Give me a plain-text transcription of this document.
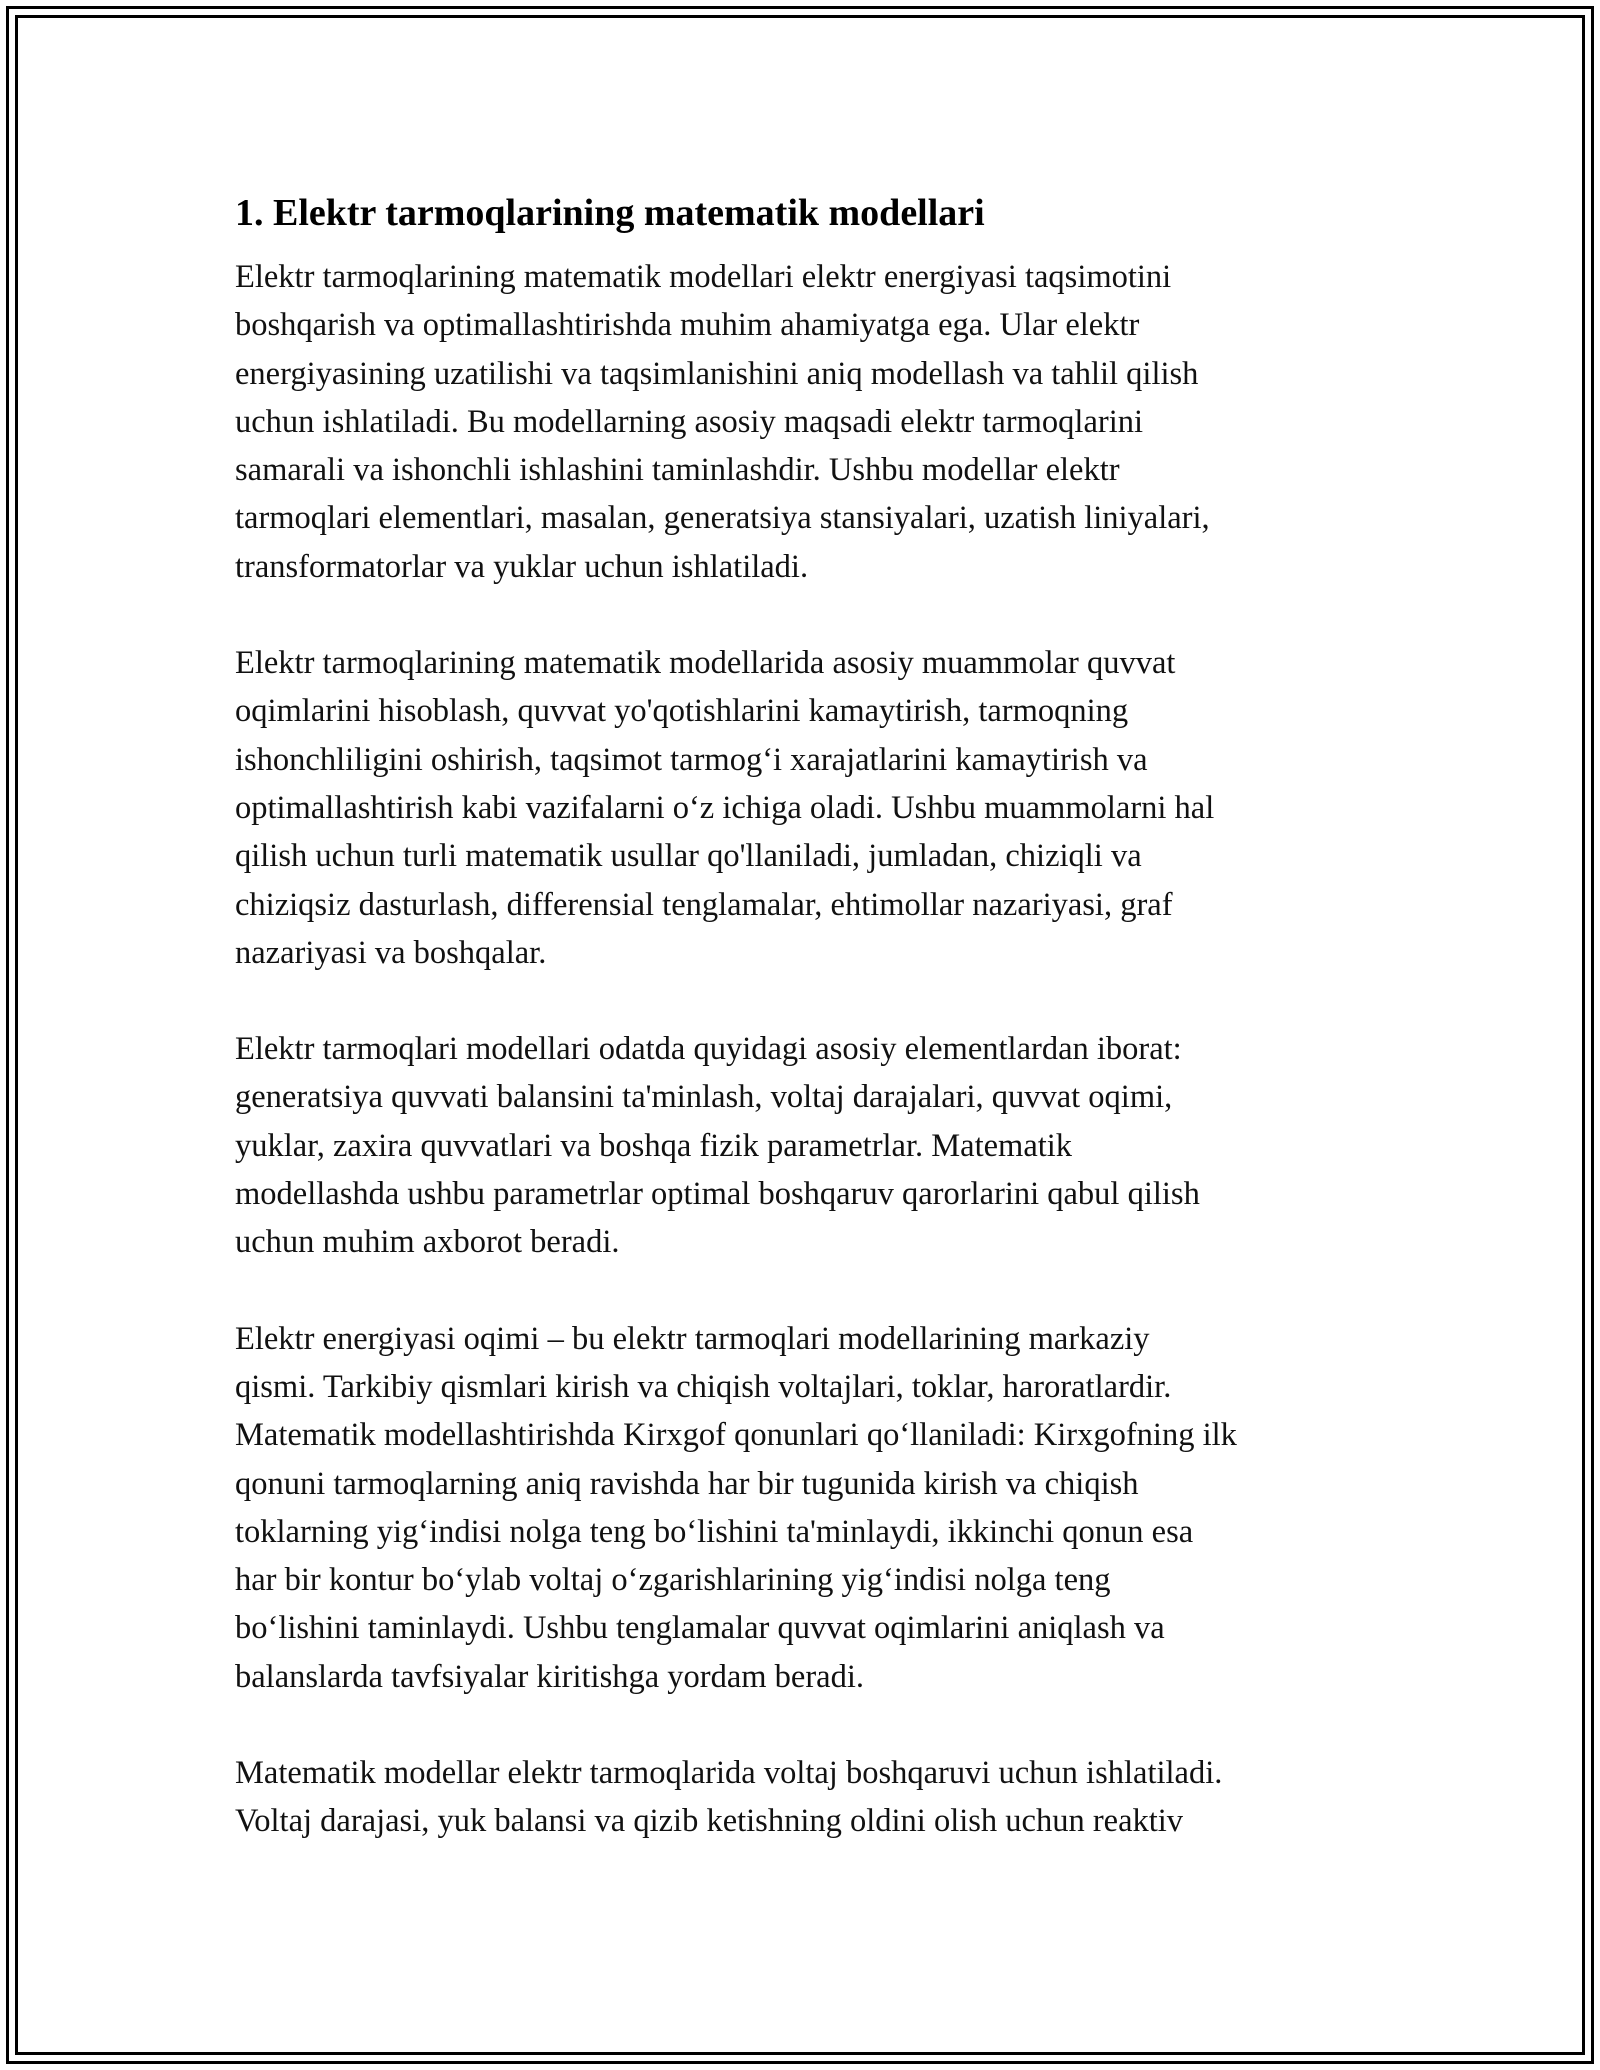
1. Elektr tarmoqlarining matematik modellari

Elektr tarmoqlarining matematik modellari elektr energiyasi taqsimotini
boshqarish va optimallashtirishda muhim ahamiyatga ega. Ular elektr
energiyasining uzatilishi va taqsimlanishini aniq modellash va tahlil qilish
uchun ishlatiladi. Bu modellarning asosiy maqsadi elektr tarmoqlarini
samarali va ishonchli ishlashini taminlashdir. Ushbu modellar elektr
tarmoqlari elementlari, masalan, generatsiya stansiyalari, uzatish liniyalari,
transformatorlar va yuklar uchun ishlatiladi.

Elektr tarmoqlarining matematik modellarida asosiy muammolar quvvat
oqimlarini hisoblash, quvvat yo'qotishlarini kamaytirish, tarmoqning
ishonchliligini oshirish, taqsimot tarmog‘i xarajatlarini kamaytirish va
optimallashtirish kabi vazifalarni o‘z ichiga oladi. Ushbu muammolarni hal
qilish uchun turli matematik usullar qo'llaniladi, jumladan, chiziqli va
chiziqsiz dasturlash, differensial tenglamalar, ehtimollar nazariyasi, graf
nazariyasi va boshqalar.

Elektr tarmoqlari modellari odatda quyidagi asosiy elementlardan iborat:
generatsiya quvvati balansini ta'minlash, voltaj darajalari, quvvat oqimi,
yuklar, zaxira quvvatlari va boshqa fizik parametrlar. Matematik
modellashda ushbu parametrlar optimal boshqaruv qarorlarini qabul qilish
uchun muhim axborot beradi.

Elektr energiyasi oqimi – bu elektr tarmoqlari modellarining markaziy
qismi. Tarkibiy qismlari kirish va chiqish voltajlari, toklar, haroratlardir.
Matematik modellashtirishda Kirxgof qonunlari qo‘llaniladi: Kirxgofning ilk
qonuni tarmoqlarning aniq ravishda har bir tugunida kirish va chiqish
toklarning yig‘indisi nolga teng bo‘lishini ta'minlaydi, ikkinchi qonun esa
har bir kontur bo‘ylab voltaj o‘zgarishlarining yig‘indisi nolga teng
bo‘lishini taminlaydi. Ushbu tenglamalar quvvat oqimlarini aniqlash va
balanslarda tavfsiyalar kiritishga yordam beradi.

Matematik modellar elektr tarmoqlarida voltaj boshqaruvi uchun ishlatiladi.
Voltaj darajasi, yuk balansi va qizib ketishning oldini olish uchun reaktiv
